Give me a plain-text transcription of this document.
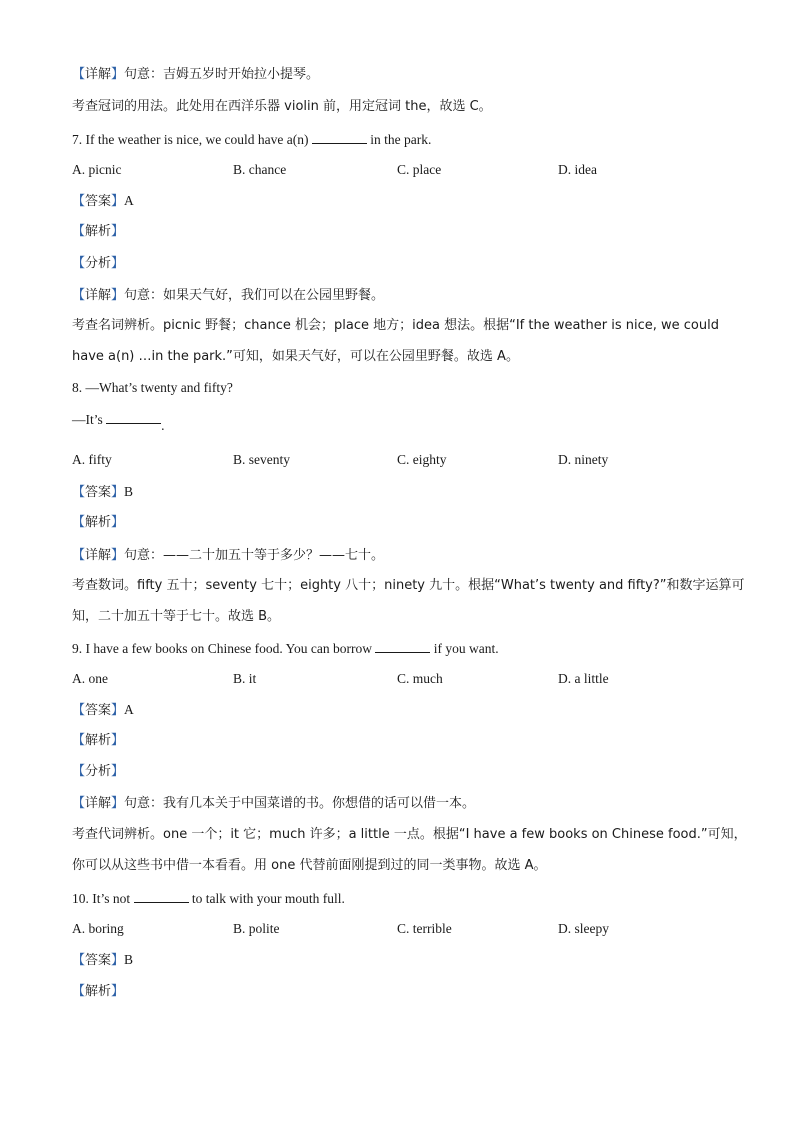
【详解】句意：吉姆五岁时开始拉小提琴。
考查冠词的用法。此处用在西洋乐器 violin 前，用定冠词 the，故选 C。
7. If the weather is nice, we could have a(n)	in the park.
A. picnic	B. chance	C. place	D. idea
【答案】A
【解析】
【分析】
【详解】句意：如果天气好，我们可以在公园里野餐。
考查名词辨析。picnic 野餐；chance 机会；place 地方；idea 想法。根据“If the weather is nice, we could
have a(n) …in the park.”可知，如果天气好，可以在公园里野餐。故选 A。
8. —What’s twenty and fifty?
—It’s	.
A. fifty	B. seventy	C. eighty	D. ninety
【答案】B
【解析】
【详解】句意：——二十加五十等于多少？——七十。
考查数词。fifty 五十；seventy 七十；eighty 八十；ninety 九十。根据“What’s twenty and fifty?”和数字运算可
知，二十加五十等于七十。故选 B。
9. I have a few books on Chinese food. You can borrow	if you want.
A. one	B. it	C. much	D. a little
【答案】A
【解析】
【分析】
【详解】句意：我有几本关于中国菜谱的书。你想借的话可以借一本。
考查代词辨析。one 一个；it 它；much 许多；a little 一点。根据“I have a few books on Chinese food.”可知，
你可以从这些书中借一本看看。用 one 代替前面刚提到过的同一类事物。故选 A。
10. It’s not	to talk with your mouth full.
A. boring	B. polite	C. terrible	D. sleepy
【答案】B
【解析】
